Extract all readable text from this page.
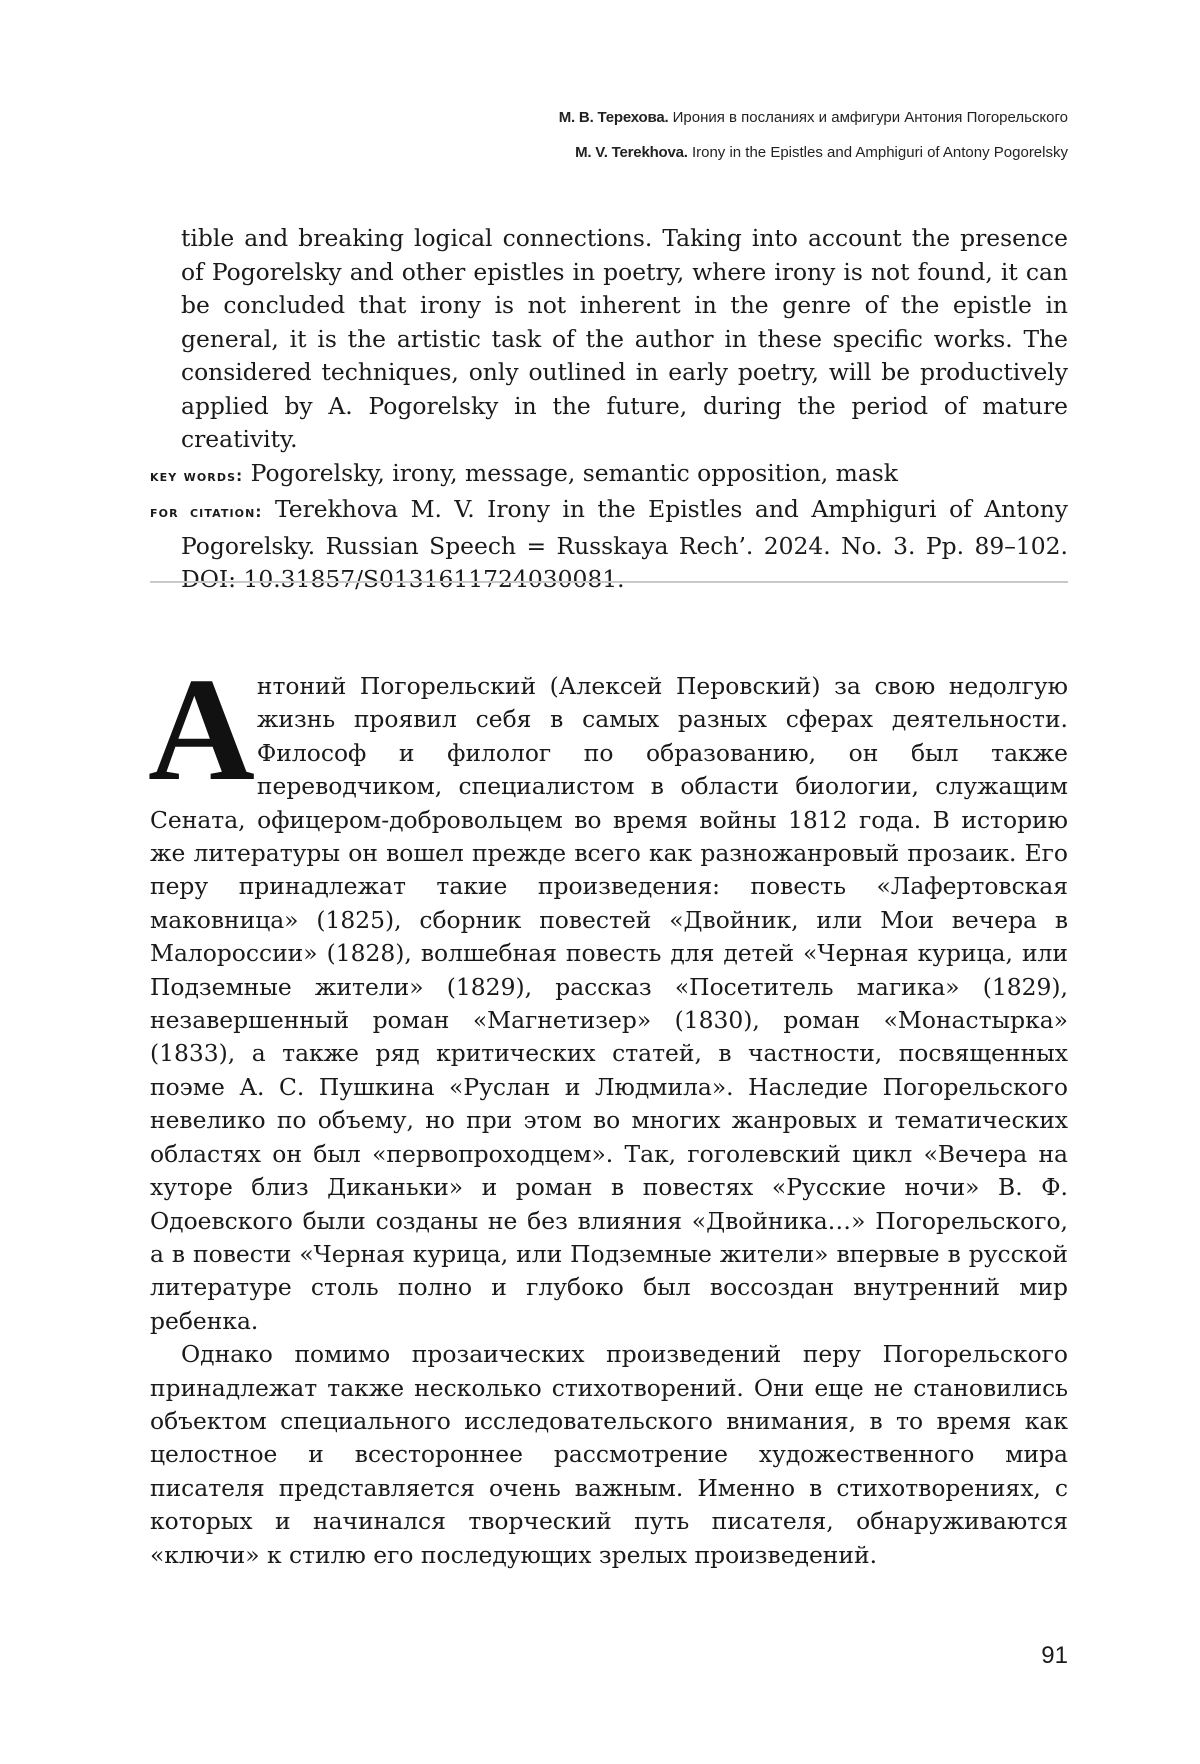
М. В. Терехова. Ирония в посланиях и амфигури Антония Погорельского
M. V. Terekhova. Irony in the Epistles and Amphiguri of Antony Pogorelsky

tible and breaking logical connections. Taking into account the presence of Pogorelsky and other epistles in poetry, where irony is not found, it can be concluded that irony is not inherent in the genre of the epistle in general, it is the artistic task of the author in these specific works. The considered techniques, only outlined in early poetry, will be productively applied by A. Pogorelsky in the future, during the period of mature creativity.

key words: Pogorelsky, irony, message, semantic opposition, mask

for citation: Terekhova M. V. Irony in the Epistles and Amphiguri of Antony Pogorelsky. Russian Speech = Russkaya Rech’. 2024. No. 3. Pp. 89–102. DOI: 10.31857/S0131611724030081.

Антоний Погорельский (Алексей Перовский) за свою недолгую жизнь проявил себя в самых разных сферах деятельности. Философ и филолог по образованию, он был также переводчиком, специалистом в области биологии, служащим Сената, офицером-добровольцем во время войны 1812 года. В историю же литературы он вошел прежде всего как разножанровый прозаик. Его перу принадлежат такие произведения: повесть «Лафертовская маковница» (1825), сборник повестей «Двойник, или Мои вечера в Малороссии» (1828), волшебная повесть для детей «Черная курица, или Подземные жители» (1829), рассказ «Посетитель магика» (1829), незавершенный роман «Магнетизер» (1830), роман «Монастырка» (1833), а также ряд критических статей, в частности, посвященных поэме А. С. Пушкина «Руслан и Людмила». Наследие Погорельского невелико по объему, но при этом во многих жанровых и тематических областях он был «первопроходцем». Так, гоголевский цикл «Вечера на хуторе близ Диканьки» и роман в повестях «Русские ночи» В. Ф. Одоевского были созданы не без влияния «Двойника…» Погорельского, а в повести «Черная курица, или Подземные жители» впервые в русской литературе столь полно и глубоко был воссоздан внутренний мир ребенка.

Однако помимо прозаических произведений перу Погорельского принадлежат также несколько стихотворений. Они еще не становились объектом специального исследовательского внимания, в то время как целостное и всестороннее рассмотрение художественного мира писателя представляется очень важным. Именно в стихотворениях, с которых и начинался творческий путь писателя, обнаруживаются «ключи» к стилю его последующих зрелых произведений.

91
